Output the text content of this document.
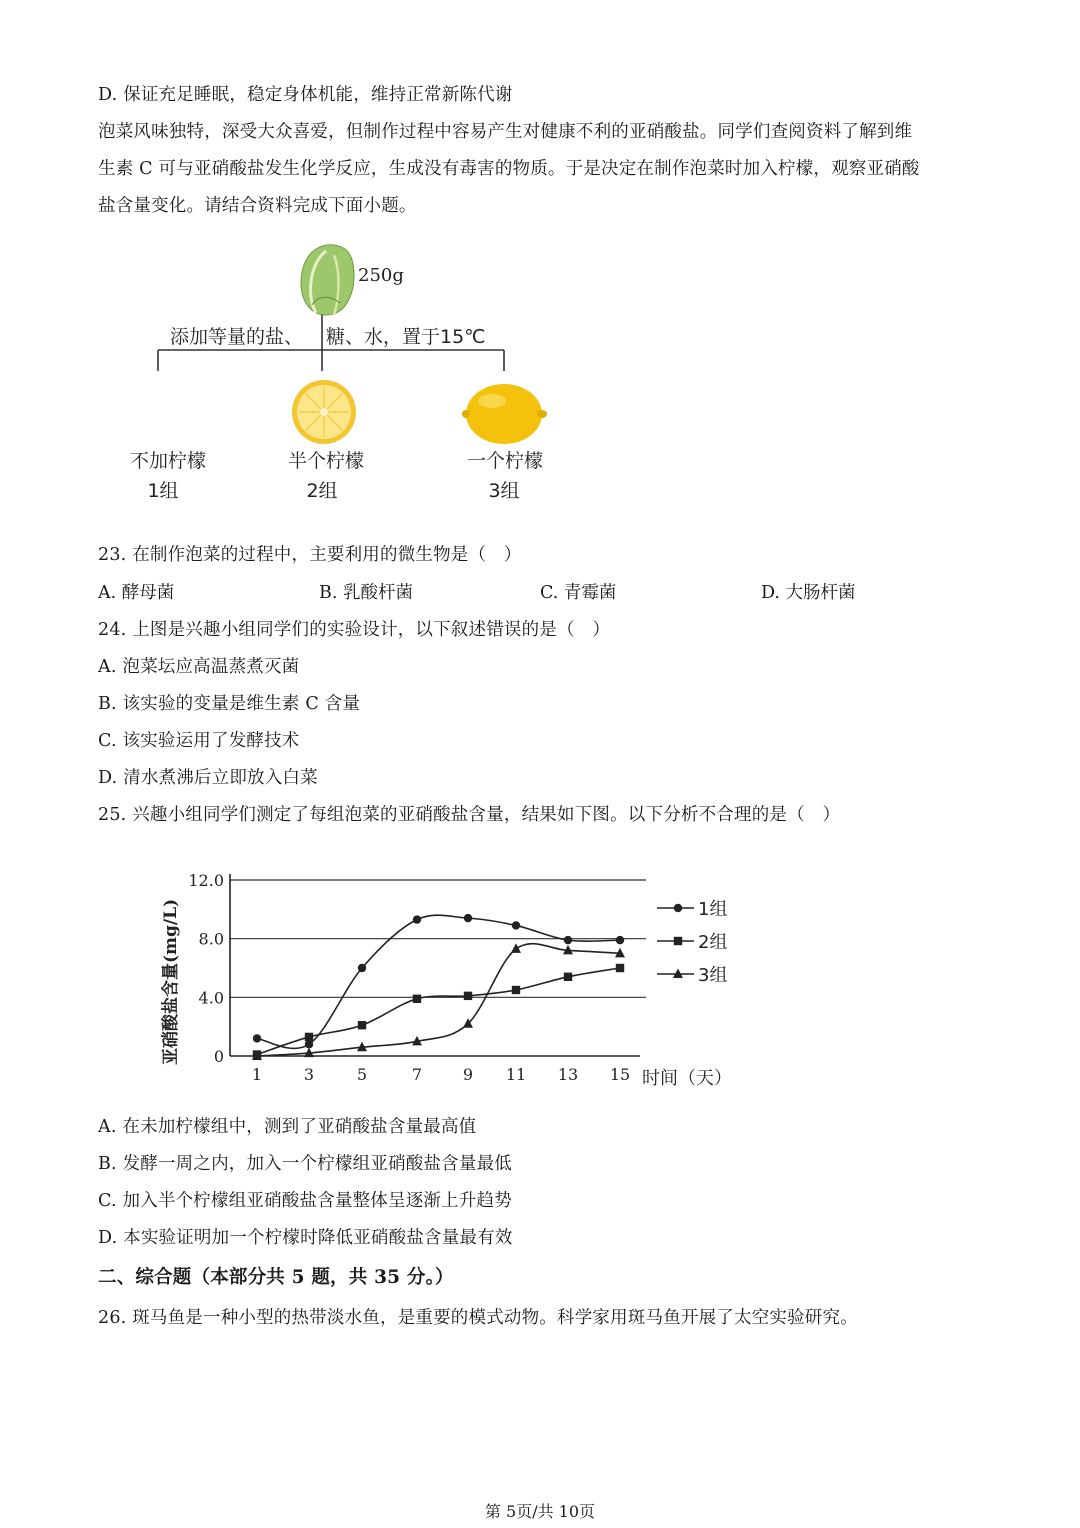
D. 保证充足睡眠，稳定身体机能，维持正常新陈代谢
泡菜风味独特，深受大众喜爱，但制作过程中容易产生对健康不利的亚硝酸盐。同学们查阅资料了解到维
生素 C 可与亚硝酸盐发生化学反应，生成没有毒害的物质。于是决定在制作泡菜时加入柠檬，观察亚硝酸
盐含量变化。请结合资料完成下面小题。
250g
添加等量的盐、 糖、水，置于15℃
不加柠檬
1组
半个柠檬
2组
一个柠檬
3组
23. 在制作泡菜的过程中，主要利用的微生物是（　）
A. 酵母菌	B. 乳酸杆菌	C. 青霉菌	D. 大肠杆菌
24. 上图是兴趣小组同学们的实验设计，以下叙述错误的是（　）
A. 泡菜坛应高温蒸煮灭菌
B. 该实验的变量是维生素 C 含量
C. 该实验运用了发酵技术
D. 清水煮沸后立即放入白菜
25. 兴趣小组同学们测定了每组泡菜的亚硝酸盐含量，结果如下图。以下分析不合理的是（　）
0
4.0
8.0
12.0
1	3	5	7	9 11 13 15
1组
2组
3组
亚硝酸盐含量(mg/L)
时间（天）
A. 在未加柠檬组中，测到了亚硝酸盐含量最高值
B. 发酵一周之内，加入一个柠檬组亚硝酸盐含量最低
C. 加入半个柠檬组亚硝酸盐含量整体呈逐渐上升趋势
D. 本实验证明加一个柠檬时降低亚硝酸盐含量最有效
二、综合题（本部分共 5 题，共 35 分。）
26. 斑马鱼是一种小型的热带淡水鱼，是重要的模式动物。科学家用斑马鱼开展了太空实验研究。
第 5页/共 10页
